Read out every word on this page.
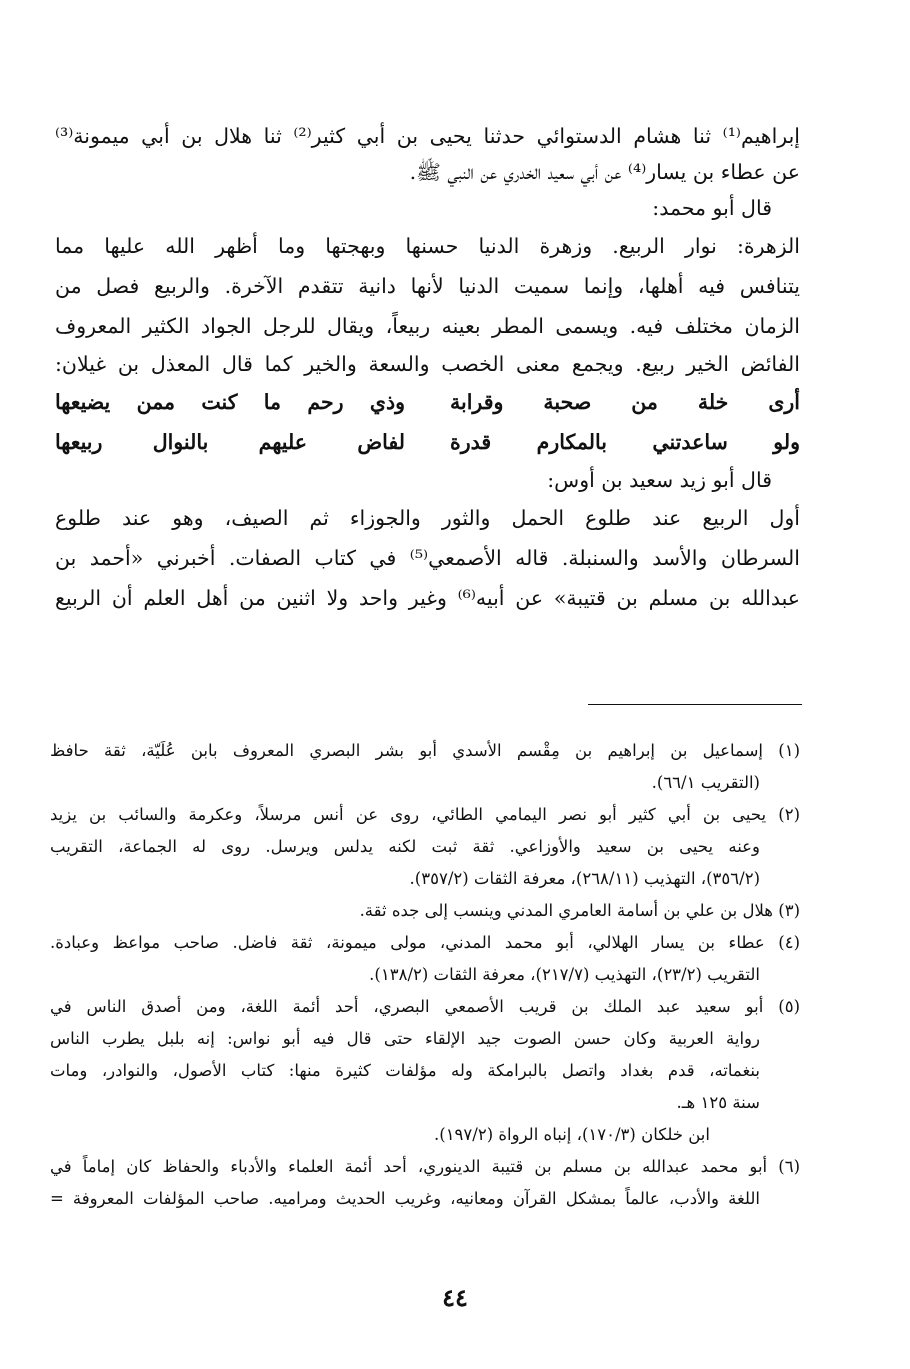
إبراهيم⁽¹⁾ ثنا هشام الدستوائي حدثنا يحيى بن أبي كثير⁽²⁾ ثنا هلال بن أبي ميمونة⁽³⁾
عن عطاء بن يسار⁽⁴⁾ عن أبي سعيد الخدري عن النبي ﷺ.
قال أبو محمد:
الزهرة: نوار الربيع. وزهرة الدنيا حسنها وبهجتها وما أظهر الله عليها مما
يتنافس فيه أهلها، وإنما سميت الدنيا لأنها دانية تتقدم الآخرة. والربيع فصل من
الزمان مختلف فيه. ويسمى المطر بعينه ربيعاً، ويقال للرجل الجواد الكثير المعروف
الفائض الخير ربيع. ويجمع معنى الخصب والسعة والخير كما قال المعذل بن غيلان:
أرى خلة من صحبة وقرابة
وذي رحم ما كنت ممن يضيعها
ولو ساعدتني بالمكارم قدرة
لفاض عليهم بالنوال ربيعها
قال أبو زيد سعيد بن أوس:
أول الربيع عند طلوع الحمل والثور والجوزاء ثم الصيف، وهو عند طلوع
السرطان والأسد والسنبلة. قاله الأصمعي⁽⁵⁾ في كتاب الصفات. أخبرني «أحمد بن
عبدالله بن مسلم بن قتيبة» عن أبيه⁽⁶⁾ وغير واحد ولا اثنين من أهل العلم أن الربيع
(١) إسماعيل بن إبراهيم بن مِقْسم الأسدي أبو بشر البصري المعروف بابن عُلَيّة، ثقة حافظ
(التقريب ٦٦/١).
(٢) يحيى بن أبي كثير أبو نصر اليمامي الطائي، روى عن أنس مرسلاً، وعكرمة والسائب بن يزيد
وعنه يحيى بن سعيد والأوزاعي. ثقة ثبت لكنه يدلس ويرسل. روى له الجماعة، التقريب
(٣٥٦/٢)، التهذيب (٢٦٨/١١)، معرفة الثقات (٣٥٧/٢).
(٣) هلال بن علي بن أسامة العامري المدني وينسب إلى جده ثقة.
(٤) عطاء بن يسار الهلالي، أبو محمد المدني، مولى ميمونة، ثقة فاضل. صاحب مواعظ وعبادة.
التقريب (٢٣/٢)، التهذيب (٢١٧/٧)، معرفة الثقات (١٣٨/٢).
(٥) أبو سعيد عبد الملك بن قريب الأصمعي البصري، أحد أئمة اللغة، ومن أصدق الناس في
رواية العربية وكان حسن الصوت جيد الإلقاء حتى قال فيه أبو نواس: إنه بلبل يطرب الناس
بنغماته، قدم بغداد واتصل بالبرامكة وله مؤلفات كثيرة منها: كتاب الأصول، والنوادر، ومات
سنة ١٢٥ هـ.
ابن خلكان (١٧٠/٣)، إنباه الرواة (١٩٧/٢).
(٦) أبو محمد عبدالله بن مسلم بن قتيبة الدينوري، أحد أئمة العلماء والأدباء والحفاظ كان إماماً في
اللغة والأدب، عالماً بمشكل القرآن ومعانيه، وغريب الحديث ومراميه. صاحب المؤلفات المعروفة =
٤٤
